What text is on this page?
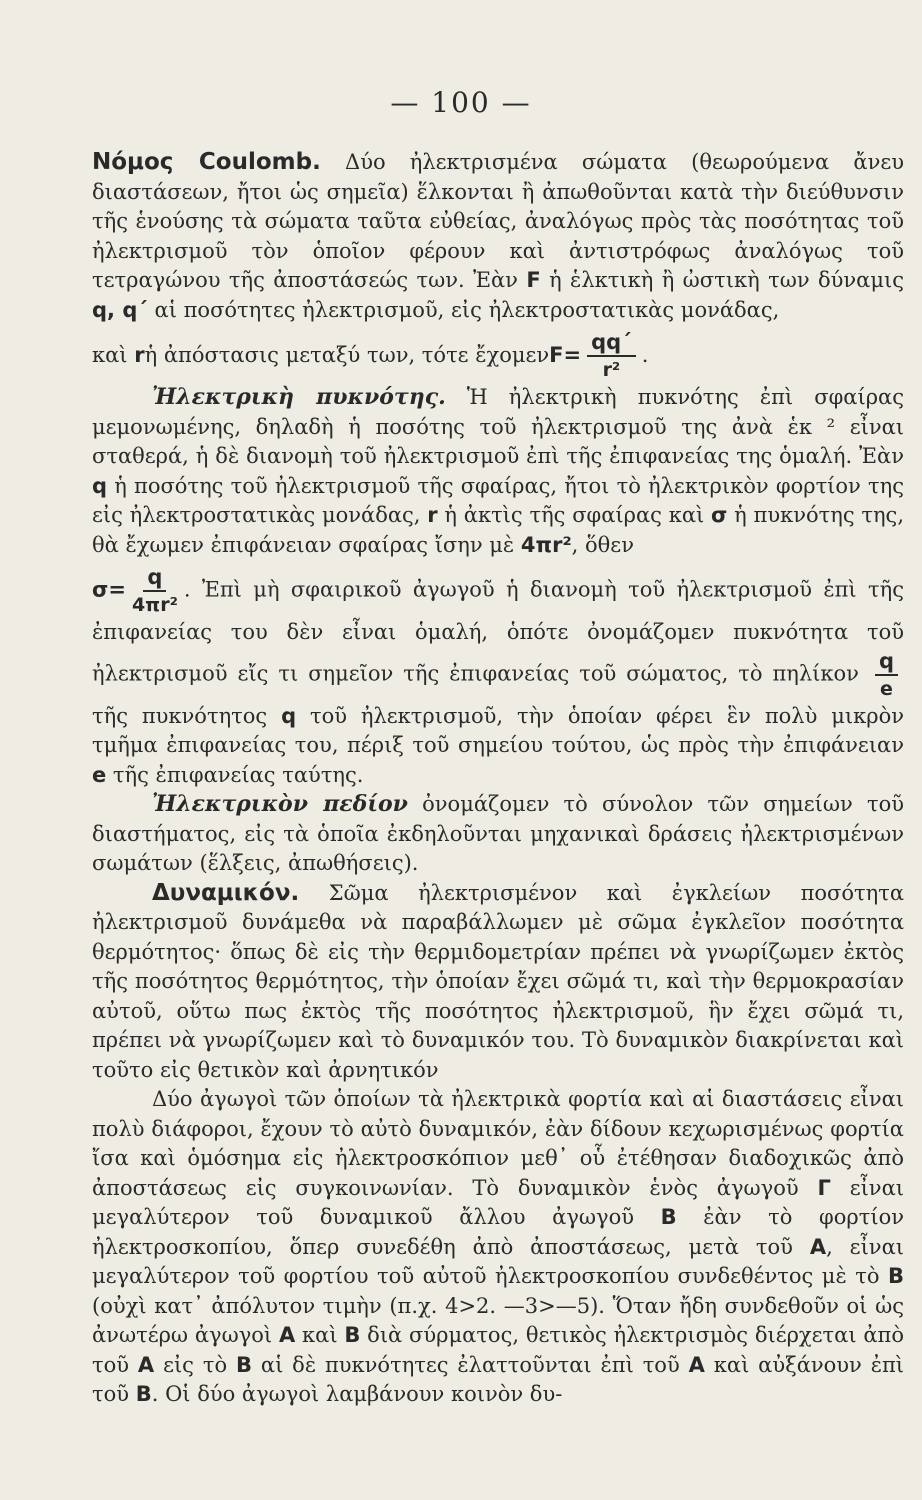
— 100 —

Νόμος Coulomb. Δύο ἠλεκτρισμένα σώματα (θεωρούμενα ἄνευ διαστάσεων, ἤτοι ὡς σημεῖα) ἕλκονται ἢ ἀπωθοῦνται κατὰ τὴν διεύθυνσιν τῆς ἑνούσης τὰ σώματα ταῦτα εὐθείας, ἀναλόγως πρὸς τὰς ποσότητας τοῦ ἠλεκτρισμοῦ τὸν ὁποῖον φέρουν καὶ ἀντιστρόφως ἀναλόγως τοῦ τετραγώνου τῆς ἀποστάσεώς των. Ἐὰν F ἡ ἑλκτικὴ ἢ ὠστικὴ των δύναμις q, q´ αἱ ποσότητες ἠλεκτρισμοῦ, εἰς ἠλεκτροστατικὰς μονάδας,

καὶ
r ἡ ἀπόστασις μεταξύ των, τότε ἔχομεν $F= \frac{qq´}{\text{r²}}$ .

Ἠλεκτρικὴ πυκνότης. Ἡ ἠλεκτρικὴ πυκνότης ἐπὶ σφαίρας μεμονωμένης, δηλαδὴ ἡ ποσότης τοῦ ἠλεκτρισμοῦ της ἀνὰ ἑκ ² εἶναι σταθερά, ἡ δὲ διανομὴ τοῦ ἠλεκτρισμοῦ ἐπὶ τῆς ἐπιφανείας της ὁμαλή. Ἐὰν q ἡ ποσότης τοῦ ἠλεκτρισμοῦ τῆς σφαίρας, ἤτοι τὸ ἠλεκτρικὸν φορτίον της εἰς ἠλεκτροστατικὰς μονάδας, r ἡ ἀκτὶς τῆς σφαίρας καὶ σ ἡ πυκνότης της, θὰ ἔχωμεν ἐπιφάνειαν σφαίρας ἴσην μὲ 4πr², ὅθεν

$\sigma= \frac{q}{\text{4πr²}}$ . Ἐπὶ μὴ σφαιρικοῦ ἀγωγοῦ ἡ διανομὴ τοῦ ἠλεκτρισμοῦ ἐπὶ τῆς ἐπιφανείας του δὲν εἶναι ὁμαλή, ὁπότε ὀνομάζομεν πυκνότητα τοῦ ἠλεκτρισμοῦ εἴς τι σημεῖον τῆς ἐπιφανείας τοῦ σώματος, τὸ πηλίκον $\frac{q}{e}$
τῆς πυκνότητος q τοῦ ἠλεκτρισμοῦ, τὴν ὁποίαν φέρει ἓν πολὺ μικρὸν τμῆμα ἐπιφανείας του, πέριξ τοῦ σημείου τούτου, ὡς πρὸς τὴν ἐπιφάνειαν e τῆς ἐπιφανείας ταύτης.

Ἠλεκτρικὸν πεδίον ὀνομάζομεν τὸ σύνολον τῶν σημείων τοῦ διαστήματος, εἰς τὰ ὁποῖα ἐκδηλοῦνται μηχανικαὶ δράσεις ἠλεκτρισμένων σωμάτων (ἕλξεις, ἀπωθήσεις).

Δυναμικόν. Σῶμα ἠλεκτρισμένον καὶ ἐγκλείων ποσότητα ἠλεκτρισμοῦ δυνάμεθα νὰ παραβάλλωμεν μὲ σῶμα ἐγκλεῖον ποσότητα θερμότητος· ὅπως δὲ εἰς τὴν θερμιδομετρίαν πρέπει νὰ γνωρίζωμεν ἐκτὸς τῆς ποσότητος θερμότητος, τὴν ὁποίαν ἔχει σῶμά τι, καὶ τὴν θερμοκρασίαν αὐτοῦ, οὕτω πως ἐκτὸς τῆς ποσότητος ἠλεκτρισμοῦ, ἣν ἔχει σῶμά τι, πρέπει νὰ γνωρίζωμεν καὶ τὸ δυναμικόν του. Τὸ δυναμικὸν διακρίνεται καὶ τοῦτο εἰς θετικὸν καὶ ἀρνητικόν

Δύο ἀγωγοὶ τῶν ὁποίων τὰ ἠλεκτρικὰ φορτία καὶ αἱ διαστάσεις εἶναι πολὺ διάφοροι, ἔχουν τὸ αὐτὸ δυναμικόν, ἐὰν δίδουν κεχωρισμένως φορτία ἴσα καὶ ὁμόσημα εἰς ἠλεκτροσκόπιον μεθ᾽ οὗ ἐτέθησαν διαδοχικῶς ἀπὸ ἀποστάσεως εἰς συγκοινωνίαν. Τὸ δυναμικὸν ἑνὸς ἀγωγοῦ Γ εἶναι μεγαλύτερον τοῦ δυναμικοῦ ἄλλου ἀγωγοῦ Β ἐὰν τὸ φορτίον ἠλεκτροσκοπίου, ὅπερ συνεδέθη ἀπὸ ἀποστάσεως, μετὰ τοῦ Α, εἶναι μεγαλύτερον τοῦ φορτίου τοῦ αὐτοῦ ἠλεκτροσκοπίου συνδεθέντος μὲ τὸ Β (οὐχὶ κατ᾽ ἀπόλυτον τιμὴν (π.χ. 4>2. —3>—5). Ὅταν ἤδη συνδεθοῦν οἱ ὡς ἀνωτέρω ἀγωγοὶ Α καὶ Β διὰ σύρματος, θετικὸς ἠλεκτρισμὸς διέρχεται ἀπὸ τοῦ Α εἰς τὸ Β αἱ δὲ πυκνότητες ἐλαττοῦνται ἐπὶ τοῦ Α καὶ αὐξάνουν ἐπὶ τοῦ Β. Οἱ δύο ἀγωγοὶ λαμβάνουν κοινὸν δυ-
